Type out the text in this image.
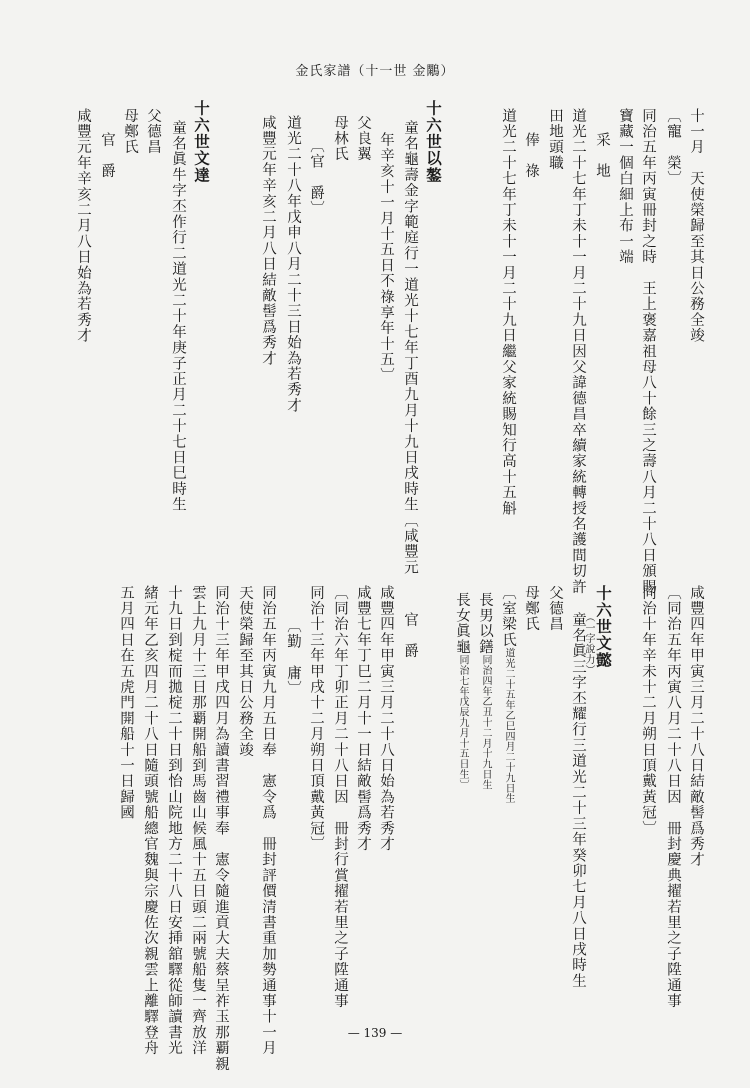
金氏家譜（十一世 金鷴）
十一月　天使榮歸至其日公務全竣
〔寵　榮〕
同治五年丙寅冊封之時　王上褒嘉祖母八十餘三之壽八月二十八日頒賜
寶藏一個白細上布一端
采　地
道光二十七年丁未十一月二十九日因父諱德昌卒續家統轉授名護間切許
田地頭職
俸　祿
道光二十七年丁未十一月二十九日繼父家統賜知行高十五斛
十六世以鏊
童名龜壽金字範庭行一道光十七年丁酉九月十九日戌時生〔咸豐元
年辛亥十一月十五日不祿享年十五〕
父良翼
母林氏
〔官　爵〕
道光二十八年戊申八月二十三日始為若秀才
咸豐元年辛亥二月八日結敵髻爲秀才
十六世文達
童名眞牛字丕作行二道光二十年庚子正月二十七日巳時生
父德昌
母鄭氏
官　爵
咸豐元年辛亥二月八日始為若秀才
咸豐四年甲寅三月二十八日結敵髻爲秀才
〔同治五年丙寅八月二十八日因　冊封慶典擢若里之子陞通事
同治十年辛未十二月朔日頂戴黃冠〕
十六世文懿
（一字說力）
童名眞三字丕耀行三道光二十三年癸卯七月八日戌時生
父德昌
母鄭氏
〔室梁氏道光二十五年乙巳四月二十九日生
長男以鐥同治四年乙丑十二月十九日生
長女眞龜同治七年戊辰九月十五日生〕
官　爵
咸豐四年甲寅三月二十八日始為若秀才
咸豐七年丁巳二月十一日結敵髻爲秀才
〔同治六年丁卯正月二十八日因　冊封行賞擢若里之子陞通事
同治十三年甲戌十二月朔日頂戴黃冠〕
〔勤　庸〕
同治五年丙寅九月五日奉　憲令爲　冊封評價清書重加勢通事十一月
天使榮歸至其日公務全竣
同治十三年甲戌四月為讀書習禮事奉　憲令隨進貢大夫蔡呈祚玉那覇親
雲上九月十三日那覇開船到馬齒山候風十五日頭二兩號船隻一齊放洋
十九日到椗而拋椗二十日到怡山院地方二十八日安挿舘驛從師讀書光
緒元年乙亥四月二十八日隨頭號船總官魏與宗慶佐次親雲上離驛登舟
五月四日在五虎門開船十一日歸國
— 139 —
